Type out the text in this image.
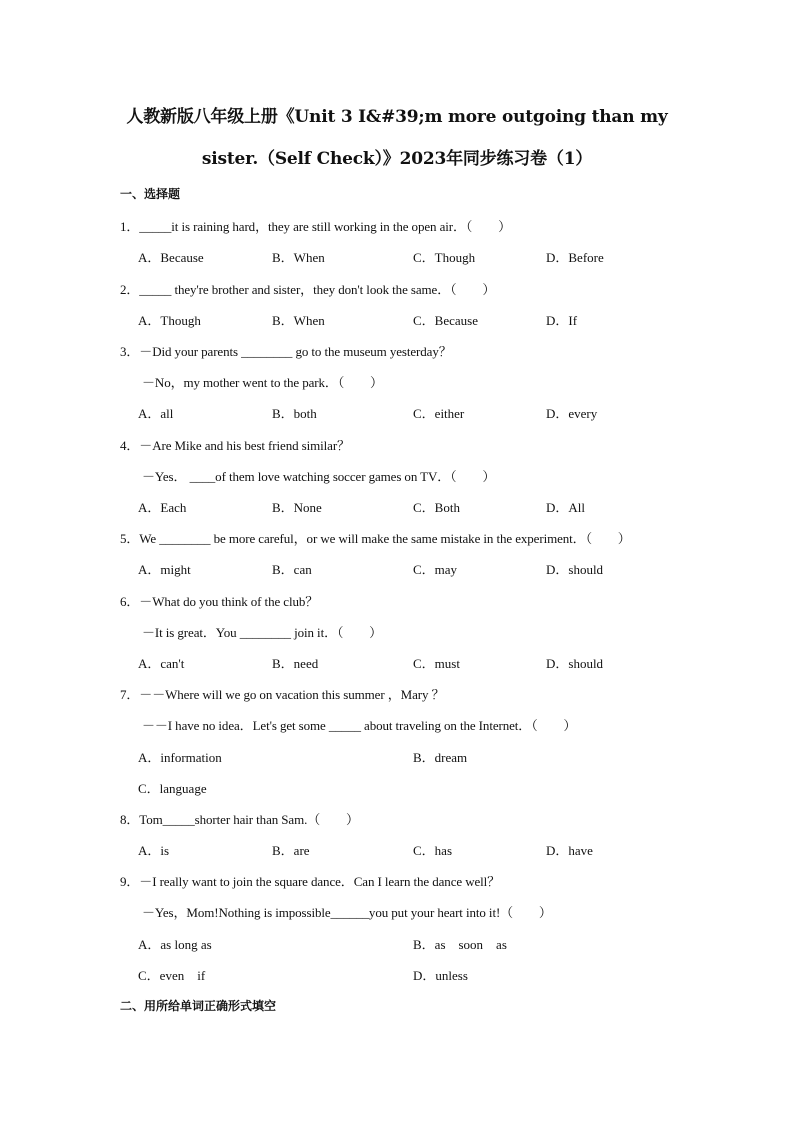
人教新版八年级上册《Unit 3 I&#39;m more outgoing than my
sister.（Self Check）》2023年同步练习卷（1）
一、选择题
1．_____it is raining hard，they are still working in the open air．（　　）
A．Because	B．When	C．Though	D．Before
2．_____ they're brother and sister，they don't look the same．（　　）
A．Though	B．When	C．Because	D．If
3．－Did your parents ________ go to the museum yesterday？
－No，my mother went to the park．（　　）
A．all	B．both	C．either	D．every
4．－Are Mike and his best friend similar？
－Yes． ____of them love watching soccer games on TV．（　　）
A．Each	B．None	C．Both	D．All
5．We ________ be more careful，or we will make the same mistake in the experiment．（　　）
A．might	B．can	C．may	D．should
6．－What do you think of the club？
－It is great．You ________ join it．（　　）
A．can't	B．need	C．must	D．should
7．－－Where will we go on vacation this summer ，Mary ？
－－I have no idea．Let's get some _____ about traveling on the Internet．（　　）
A．information	B．dream
C．language
8．Tom_____shorter hair than Sam.（　　）
A．is	B．are	C．has	D．have
9．－I really want to join the square dance．Can I learn the dance well？
－Yes，Mom!Nothing is impossible______you put your heart into it!（　　）
A．as long as	B．as　soon　as
C．even　if	D．unless
二、用所给单词正确形式填空
